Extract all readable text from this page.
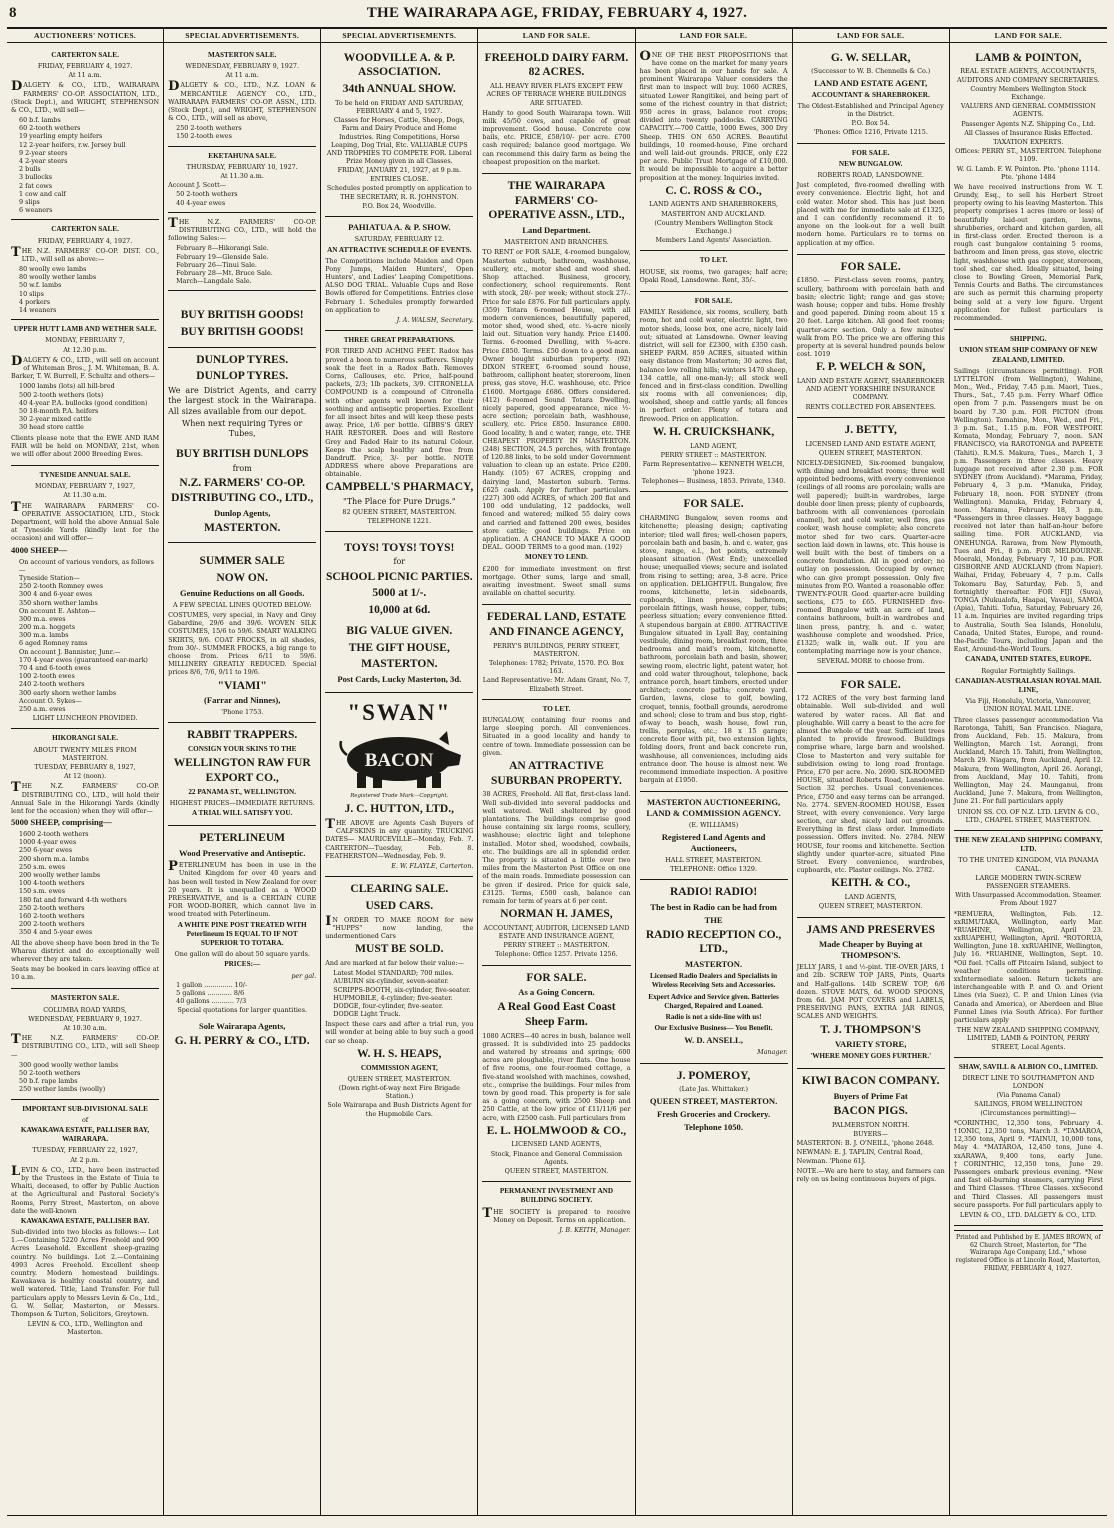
8	THE WAIRARAPA AGE, FRIDAY, FEBRUARY 4, 1927.
AUCTIONEERS' NOTICES.
CARTERTON SALE.
FRIDAY, FEBRUARY 4, 1927.
At 11 a.m.
DALGETY & CO., LTD., WAIRARAPA FARMERS' CO-OP. ASSOCIATION, LTD., (Stock Dept.), and WRIGHT, STEPHENSON & CO., LTD., will sell—
60 b.f. lambs
60 2-tooth wethers
19 yearling empty heifers
12 2-year heifers, r.w. Jersey bull
9 2-year steers
4 2-year steers
2 bulls
3 bullocks
2 fat cows
1 cow and calf
9 slips
6 weaners
CARTERTON SALE.
FRIDAY, FEBRUARY 4, 1927.
THE N.Z. FARMERS' CO-OP. DIST. CO., LTD., will sell as above:—
80 woolly ewe lambs
80 woolly wether lambs
50 w.f. lambs
10 slips
4 porkers
14 weaners
UPPER HUTT LAMB AND WETHER SALE.
MONDAY, FEBRUARY 7,
At 12.30 p.m.
DALGETY & CO., LTD., will sell on account of Whiteman Bros., J. M. Whiteman, B. A. Barker, T. W. Burrell, F. Schultz and others—
1000 lambs (lots) all hill-bred
500 2-tooth wethers (lots)
40 4-year P.A. bullocks (good condition)
50 18-month P.A. heifers
30 2-year mixed cattle
30 head store cattle
Clients please note that the EWE AND RAM FAIR will be held on MONDAY, 21st, when we will offer about 2000 Breeding Ewes.
TYNESIDE ANNUAL SALE.
MONDAY, FEBRUARY 7, 1927,
At 11.30 a.m.
THE WAIRARAPA FARMERS' CO-OPERATIVE ASSOCIATION, LTD., Stock Department, will hold the above Annual Sale at Tyneside Yards (kindly lent for the occasion) and will offer—
4000 SHEEP—
On account of various vendors, as follows—
Tyneside Station—
250 2-tooth Romney ewes
300 4 and 6-year ewes
350 shorn wether lambs
On account E. Ashton—
300 m.a. ewes
200 m.a. hoggets
300 m.a. lambs
6 aged Romney rams
On account J. Bannister, Junr.—
170 4-year ewes (guaranteed ear-mark)
70 4 and 6-tooth ewes
100 2-tooth ewes
240 2-tooth wethers
300 early shorn wether lambs
Account O. Sykes—
250 a.m. ewes
LIGHT LUNCHEON PROVIDED.
HIKORANGI SALE.
ABOUT TWENTY MILES FROM MASTERTON.
TUESDAY, FEBRUARY 8, 1927,
At 12 (noon).
THE N.Z. FARMERS' CO-OP. DISTRIBUTING CO., LTD., will hold their Annual Sale in the Hikorangi Yards (kindly lent for the occasion) when they will offer—
5000 SHEEP, comprising—
1600 2-tooth wethers
1000 4-year ewes
250 6-year ewes
200 shorn m.a. lambs
250 s.m. ewes
200 woolly wether lambs
100 4-tooth wethers
150 s.m. ewes
180 fat and forward 4-th wethers
250 2-tooth wethers
160 2-tooth wethers
200 2-tooth wethers
350 4 and 5-year ewes
All the above sheep have been bred in the Te Wharau district and do exceptionally well wherever they are taken.
Seats may be booked in cars leaving office at 10 a.m.
MASTERTON SALE.
COLUMBA ROAD YARDS,
WEDNESDAY, FEBRUARY 9, 1927.
At 10.30 a.m.
THE N.Z. FARMERS' CO-OP. DISTRIBUTING CO., LTD., will sell Sheep—
300 good woolly wether lambs
50 2-tooth wethers
50 b.f. rape lambs
250 wether lambs (woolly)
IMPORTANT SUB-DIVISIONAL SALE
of
KAWAKAWA ESTATE, PALLISER BAY, WAIRARAPA.
TUESDAY, FEBRUARY 22, 1927,
At 2 p.m.
LEVIN & CO., LTD., have been instructed by the Trustees in the Estate of Tiuia te Whaiti, deceased, to offer by Public Auction at the Agricultural and Pastoral Society's Rooms, Perry Street, Masterton, on above date the well-known
KAWAKAWA ESTATE, PALLISER BAY.
Sub-divided into two blocks as follows:— Lot 1.—Containing 5220 Acres Freehold and 900 Acres Leasehold. Excellent sheep-grazing country. No buildings. Lot 2.—Containing 4993 Acres Freehold. Excellent sheep country. Modern homestead buildings. Kawakawa is healthy coastal country, and well watered. Title, Land Transfer. For full particulars apply to Messrs Levin & Co., Ltd., G. W. Sellar, Masterton, or Messrs. Thompson & Turton, Solicitors, Greytown.
LEVIN & CO., LTD., Wellington and Masterton.
SPECIAL ADVERTISEMENTS.
MASTERTON SALE.
WEDNESDAY, FEBRUARY 9, 1927.
At 11 a.m.
DALGETY & CO., LTD., N.Z. LOAN & MERCANTILE AGENCY CO., LTD., WAIRARAPA FARMERS' CO-OP. ASSN., LTD. (Stock Dept.), and WRIGHT, STEPHENSON & CO., LTD., will sell as above,
250 2-tooth wethers
150 2-tooth ewes
EKETAHUNA SALE.
THURSDAY, FEBRUARY 10, 1927.
At 11.30 a.m.
Account J. Scott—
50 2-tooth wethers
40 4-year ewes
THE N.Z. FARMERS' CO-OP. DISTRIBUTING CO., LTD., will hold the following Sales:—
February 8—Hikorangi Sale.
February 19—Glenside Sale.
February 26—Tinui Sale.
February 28—Mt. Bruce Sale.
March—Langdale Sale.
BUY BRITISH GOODS!
BUY BRITISH GOODS!
DUNLOP TYRES.
DUNLOP TYRES.
We are District Agents, and carry the largest stock in the Wairarapa. All sizes available from our depot.
When next requiring Tyres or Tubes,
BUY BRITISH DUNLOPS
from
N.Z. FARMERS' CO-OP. DISTRIBUTING CO., LTD.,
Dunlop Agents,
MASTERTON.
SUMMER SALE
NOW ON.
Genuine Reductions on all Goods.
A FEW SPECIAL LINES QUOTED BELOW:
COSTUMES, very special, in Navy and Grey Gabardine, 29/6 and 39/6. WOVEN SILK COSTUMES, 15/6 to 59/6. SMART WALKING SKIRTS, 9/6. COAT FROCKS, in all shades, from 30/-. SUMMER FROCKS, a big range to choose from. Prices 6/11 to 59/6. MILLINERY GREATLY REDUCED. Special prices 8/6, 7/6, 9/11 to 19/6.
"VIAMI"
(Farrar and Ninnes),
'Phone 1753.
RABBIT TRAPPERS.
CONSIGN YOUR SKINS TO THE
WELLINGTON RAW FUR EXPORT CO.,
22 PANAMA ST., WELLINGTON.
HIGHEST PRICES—IMMEDIATE RETURNS.
A TRIAL WILL SATISFY YOU.
PETERLINEUM
Wood Preservative and Antiseptic.
PETERLINEUM has been in use in the United Kingdom for over 40 years and has been well tested in New Zealand for over 20 years. It is unequalled as a WOOD PRESERVATIVE, and is a CERTAIN CURE FOR WOOD-BORER, which cannot live in wood treated with Peterlineum.
A WHITE PINE POST TREATED WITH Peterlineum IS EQUAL TO IF NOT SUPERIOR TO TOTARA.
One gallon will do about 50 square yards.
PRICES:—
per gal.
1 gallon .............. 10/-
5 gallons ............ 8/6
40 gallons ........... 7/3
Special quotations for larger quantities.
Sole Wairarapa Agents,
G. H. PERRY & CO., LTD.
SPECIAL ADVERTISEMENTS.
WOODVILLE A. & P. ASSOCIATION.
34th ANNUAL SHOW.
To be held on FRIDAY AND SATURDAY, FEBRUARY 4 and 5, 1927.
Classes for Horses, Cattle, Sheep, Dogs, Farm and Dairy Produce and Home Industries. Ring Competitions, Horse Leaping, Dog Trial, Etc. VALUABLE CUPS AND TROPHIES TO COMPETE FOR. Liberal Prize Money given in all Classes.
FRIDAY, JANUARY 21, 1927, at 9 p.m. ENTRIES CLOSE.
Schedules posted promptly on application to
THE SECRETARY, R. R. JOHNSTON.
P.O. Box 24, Woodville.
PAHIATUA A. & P. SHOW.
SATURDAY, FEBRUARY 12.
AN ATTRACTIVE SCHEDULE OF EVENTS.
The Competitions include Maiden and Open Pony Jumps, Maiden Hunters', Open Hunters', and Ladies' Leaping Competitions. ALSO DOG TRIAL. Valuable Cups and Rose Bowls offered for Competitions. Entries close February 1. Schedules promptly forwarded on application to
J. A. WALSH, Secretary.
THREE GREAT PREPARATIONS.
FOR TIRED AND ACHING FEET. Radox has proved a boon to numerous sufferers. Simply soak the feet in a Radox Bath. Removes Corns, Callouses, etc. Price, half-pound packets, 2/3; 1lb packets, 3/9. CITRONELLA COMPOUND is a compound of Citronella with other agents well known for their soothing and antiseptic properties. Excellent for all insect bites and will keep these pests away. Price, 1/6 per bottle. GIBBS'S GREY HAIR RESTORER. Does and will Restore Grey and Faded Hair to its natural Colour. Keeps the scalp healthy and free from Dandruff. Price, 3/- per bottle. NOTE ADDRESS where above Preparations are obtainable.
CAMPBELL'S PHARMACY,
"The Place for Pure Drugs."
82 QUEEN STREET, MASTERTON. TELEPHONE 1221.
TOYS! TOYS! TOYS!
for
SCHOOL PICNIC PARTIES.
5000 at 1/-.
10,000 at 6d.
BIG VALUE GIVEN.
THE GIFT HOUSE,
MASTERTON.
Post Cards, Lucky Masterton, 3d.
"SWAN"
BACON
Registered Trade Mark—Copyright.
J. C. HUTTON, LTD.,
THE ABOVE are Agents Cash Buyers of CALFSKINS in any quantity. TRUCKING DATES— MAURICEVILLE—Monday, Feb. 7. CARTERTON—Tuesday, Feb. 8. FEATHERSTON—Wednesday, Feb. 9.
E. W. FLAYLE, Carterton.
CLEARING SALE.
USED CARS.
IN ORDER TO MAKE ROOM for new "HUPPS" now landing, the undermentioned Cars
MUST BE SOLD.
And are marked at far below their value:—
Latest Model STANDARD; 700 miles.
AUBURN six-cylinder, seven-seater.
SCRIPPS-BOOTH, six-cylinder, five-seater.
HUPMOBILE, 4-cylinder; five-seater.
DODGE, four-cylinder, five-seater.
DODGE Light Truck.
Inspect these cars and after a trial run, you will wonder at being able to buy such a good car so cheap.
W. H. S. HEAPS,
COMMISSION AGENT,
QUEEN STREET, MASTERTON.
(Down right-of-way next Fire Brigade Station.)
Sole Wairarapa and Bush Districts Agent for the Hupmobile Cars.
LAND FOR SALE.
FREEHOLD DAIRY FARM. 82 ACRES.
ALL HEAVY RIVER FLATS EXCEPT FEW ACRES OF TERRACE WHERE BUILDINGS ARE SITUATED.
Handy to good South Wairarapa town. Will milk 45/50 cows, and capable of great improvement. Good house. Concrete cow bails, etc. PRICE, £58/10/- per acre. £700 cash required; balance good mortgage. We can recommend this dairy farm as being the cheapest proposition on the market.
THE WAIRARAPA FARMERS' CO-OPERATIVE ASSN., LTD.,
Land Department.
MASTERTON AND BRANCHES.
TO RENT or FOR SALE, 4-roomed bungalow, Masterton suburb, bathroom, washhouse, scullery, etc., motor shed and wood shed. Shop attached. Business, grocery, confectionery, school requirements. Rent with stock, 28/- per week; without stock 27/-. Price for sale £876. For full particulars apply. (359) Totara 6-roomed House, with all modern conveniences, beautifully papered, motor shed, wood shed, etc. ¼-acre nicely laid out. Situation very handy. Price £1400. Terms. 6-roomed Dwelling, with ¼-acre. Price £850. Terms. £50 down to a good man. Owner bought suburban property. (92) DIXON STREET, 6-roomed sound house, bathroom, calliphont heater, storeroom, linen press, gas stove, H.C. washhouse, etc. Price £1600. Mortgage £686. Offers considered. (412) 6-roomed Sound Totara Dwelling, nicely papered, good appearance, nice ½-acre section; porcelain bath, washhouse, scullery, etc. Price £850. Insurance £800. Good locality, h and c water, range, etc. THE CHEAPEST PROPERTY IN MASTERTON. (248) SECTION, 24.5 perches, with frontage of 120.88 links, to be sold under Government valuation to clean up an estate. Price £200. Handy. (105) 67 ACRES, cropping and dairying land, Masterton suburb. Terms. £625 cash. Apply for further particulars. (227) 300 odd ACRES, of which 200 flat and 100 odd undulating, 12 paddocks, well fenced and watered; milked 55 dairy cows and carried and fattened 200 ewes, besides store cattle; good buildings. Price on application. A CHANCE TO MAKE A GOOD DEAL. GOOD TERMS to a good man. (192)
MONEY TO LEND.
£200 for immediate investment on first mortgage. Other sums, large and small, awaiting investment. Sweet small sums available on chattel security.
FEDERAL LAND, ESTATE AND FINANCE AGENCY,
PERRY'S BUILDINGS, PERRY STREET, MASTERTON.
Telephones: 1782; Private, 1570. P.O. Box 163.
Land Representative: Mr. Adam Grant, No. 7, Elizabeth Street.
TO LET.
BUNGALOW, containing four rooms and large sleeping porch. All conveniences. Situated in a good locality and handy to centre of town. Immediate possession can be given.
AN ATTRACTIVE SUBURBAN PROPERTY.
38 ACRES, Freehold. All flat, first-class land. Well sub-divided into several paddocks and well watered. Well sheltered by good plantations. The buildings comprise good house containing six large rooms, scullery, washhouse; electric light and telephone installed. Motor shed, woodshed, cowbails, etc. The buildings are all in splendid order. The property is situated a little over two miles from the Masterton Post Office on one of the main roads. Immediate possession can be given if desired. Price for quick sale, £3125. Terms, £500 cash, balance can remain for term of years at 6 per cent.
NORMAN H. JAMES,
ACCOUNTANT, AUDITOR, LICENSED LAND ESTATE AND INSURANCE AGENT,
PERRY STREET :: MASTERTON.
Telephone: Office 1257. Private 1256.
FOR SALE.
As a Going Concern.
A Real Good East Coast Sheep Farm.
1080 ACRES—40 acres in bush, balance well grassed. It is subdivided into 25 paddocks and watered by streams and springs; 600 acres are ploughable, river flats. One house of five rooms, one four-roomed cottage, a five-stand woolshed with machines, cowshed, etc., comprise the buildings. Four miles from town by good road. This property is for sale as a going concern, with 2500 Sheep and 250 Cattle, at the low price of £11/11/6 per acre, with £2500 cash. Full particulars from
E. L. HOLMWOOD & CO.,
LICENSED LAND AGENTS,
Stock, Finance and General Commission Agents.
QUEEN STREET, MASTERTON.
PERMANENT INVESTMENT AND BUILDING SOCIETY.
THE SOCIETY is prepared to receive Money on Deposit. Terms on application.
J. B. KEITH, Manager.
LAND FOR SALE.
ONE OF THE BEST PROPOSITIONS that have come on the market for many years has been placed in our hands for sale. A prominent Wairarapa Valuer considers the first man to inspect will buy. 1060 ACRES, situated Lower Rangitikei, and being part of some of the richest country in that district; 950 acres in grass, balance root crops; divided into twenty paddocks. CARRYING CAPACITY.—700 Cattle, 1000 Ewes, 300 Dry Sheep. THIS ON 650 ACRES. Beautiful buildings, 10 roomed-house, Fine orchard and well laid-out grounds. PRICE, only £22 per acre. Public Trust Mortgage of £10,000. It would be impossible to acquire a better proposition at the money. Inquiries invited.
C. C. ROSS & CO.,
LAND AGENTS AND SHAREBROKERS,
MASTERTON AND AUCKLAND.
(Country Members Wellington Stock Exchange.)
Members Land Agents' Association.
TO LET.
HOUSE, six rooms, two garages; half acre; Opaki Road, Lansdowne. Rent, 35/-.
FOR SALE.
FAMILY Residence, six rooms, scullery, bath room, hot and cold water, electric light, two motor sheds, loose box, one acre, nicely laid out; situated at Lansdowne. Owner leaving district, will sell for £2300, with £350 cash. SHEEP FARM. 859 ACRES, situated within easy distance from Masterton; 30 acres flat, balance low rolling hills; winters 1470 sheep, 134 cattle, all one-man-ly; all stock well fenced and in first-class condition. Dwelling six rooms with all conveniences; dip, woolshed, sheep and cattle yards; all fences in perfect order. Plenty of totara and firewood. Price on application.
W. H. CRUICKSHANK,
LAND AGENT,
PERRY STREET :: MASTERTON.
Farm Representative— KENNETH WELCH, 'phone 1923.
Telephones— Business, 1853. Private, 1340.
FOR SALE.
CHARMING Bungalow, seven rooms and kitchenette; pleasing design; captivating interior; tiled wall fires; well-chosen papers, porcelain bath and basin, h. and c. water, gas stove, range, e.l., hot points, extremely pleasant situation (West End); unexcelled house; unequalled views; secure and isolated from rising to setting; area, 3-8 acre. Price on application. DELIGHTFUL Bungalow, five rooms, kitchenette, let-in sideboards, cupboards, linen presses, bathroom, porcelain fittings, wash house, copper, tubs; peerless situation; every convenience fitted. A stupendous bargain at £800. ATTRACTIVE Bungalow situated in Lyall Bay, containing vestibule, dining room, breakfast room, three bedrooms and maid's room, kitchenette, bathroom, porcelain bath and basin, shower, sewing room, electric light, patent water, hot and cold water throughout, telephone, back entrance porch, heart timbers, erected under architect; concrete paths; concrete yard. Garden, lawns, close to golf, bowling, croquet, tennis, football grounds, aerodrome and school; close to tram and bus stop, right-of-way to beach, wash house, fowl run, trellis, pergolas, etc.; 18 x 15 garage; concrete floor with pit, two extension lights, folding doors, front and back concrete run, washhouse, all conveniences, including aids entrance door. The house is almost new. We recommend immediate inspection. A positive bargain at £1950.
MASTERTON AUCTIONEERING, LAND & COMMISSION AGENCY.
(E. WILLIAMS)
Registered Land Agents and Auctioneers,
HALL STREET, MASTERTON.
TELEPHONE: Office 1329.
RADIO! RADIO!
The best in Radio can be had from
THE
RADIO RECEPTION CO., LTD.,
MASTERTON.
Licensed Radio Dealers and Specialists in Wireless Receiving Sets and Accessories.
Expert Advice and Service given. Batteries Charged, Repaired and Loaned.
Radio is not a side-line with us!
Our Exclusive Business— You Benefit.
W. D. ANSELL,
Manager.
J. POMEROY,
(Late Jas. Whittaker.)
QUEEN STREET, MASTERTON.
Fresh Groceries and Crockery.
Telephone 1050.
LAND FOR SALE.
G. W. SELLAR,
(Successor to W. B. Chennells & Co.)
LAND AND ESTATE AGENT,
ACCOUNTANT & SHAREBROKER.
The Oldest-Established and Principal Agency in the District.
P.O. Box 54.
'Phones: Office 1216, Private 1215.
FOR SALE.
NEW BUNGALOW.
ROBERTS ROAD, LANSDOWNE.
Just completed, five-roomed dwelling with every convenience. Electric light, hot and cold water. Motor shed. This has just been placed with me for immediate sale at £1325, and I can confidently recommend it to anyone on the look-out for a well built modern home. Particulars re to terms on application at my office.
FOR SALE.
£1850. — First-class seven rooms, pantry, scullery, bathroom with porcelain bath and basin; electric light; range and gas stove; wash house; copper and tubs. Home freshly and good papered. Dining room about 15 x 20 feet. Large kitchen. All good feet rooms; quarter-acre section. Only a few minutes' walk from P.O. The price we are offering this property at is several hundred pounds below cost. 1019
F. P. WELCH & SON,
LAND AND ESTATE AGENT, SHAREBROKER AND AGENT YORKSHIRE INSURANCE COMPANY.
RENTS COLLECTED FOR ABSENTEES.
J. BETTY,
LICENSED LAND AND ESTATE AGENT,
QUEEN STREET, MASTERTON.
NICELY-DESIGNED, Six-roomed bungalow, with dining and breakfast rooms; three well appointed bedrooms, with every convenience (ceilings of all rooms are porcelain; walls are well papered); built-in wardrobes, large double door linen press; plenty of cupboards, bathroom with all conveniences (porcelain enamel), hot and cold water, well fires, gas cooker, wash house complete; also concrete motor shed for two cars. Quarter-acre section laid down in lawns, etc. This house is well built with the best of timbers on a concrete foundation. All in good order; no outlay on possession. Occupied by owner, who can give prompt possession. Only five minutes from P.O. Wanted a reasonable offer. TWENTY-FOUR Good quarter-acre building sections, £75 to £65. FURNISHED five-roomed Bungalow with an acre of land, contains bathroom, built-in wardrobes and linen press, pantry, h. and c. water, washhouse complete and woodshed. Price, £1325; walk in, walk out. If you are contemplating marriage now is your chance.
SEVERAL MORE to choose from.
FOR SALE.
172 ACRES of the very best farming land obtainable. Well sub-divided and well watered by water races. All flat and ploughable. Will carry a beast to the acre for almost the whole of the year. Sufficient trees planted to provide firewood. Buildings comprise whare, large barn and woolshed. Close to Masterton and very suitable for subdivision owing to long road frontage. Price, £70 per acre. No. 2690. SIX-ROOMED HOUSE, situated Roberts Road, Lansdowne. Section 32 perches. Usual conveniences. Price, £750 and easy terms can be arranged. No. 2774. SEVEN-ROOMED HOUSE, Essex Street, with every convenience. Very large section, car shed, nicely laid out grounds. Everything in first class order. Immediate possession. Offers invited. No. 2784. NEW HOUSE, four rooms and kitchenette. Section slightly under quarter-acre, situated Pine Street. Every convenience, wardrobes, cupboards, etc. Plaster ceilings. No. 2782.
KEITH. & CO.,
LAND AGENTS,
QUEEN STREET, MASTERTON.
JAMS AND PRESERVES
Made Cheaper by Buying at THOMPSON'S.
JELLY JARS, 1 and ½-pint. TIE-OVER JARS, 1 and 2lb. SCREW TOP JARS, Pints, Quarts and Half-gallons. 14lb SCREW TOP, 6/6 dozen. STOVE MATS, 6d. WOOD SPOONS, from 6d. JAM POT COVERS and LABELS, PRESERVING PANS, EXTRA JAR RINGS, SCALES AND WEIGHTS.
T. J. THOMPSON'S
VARIETY STORE,
'WHERE MONEY GOES FURTHER.'
KIWI BACON COMPANY.
Buyers of Prime Fat
BACON PIGS.
PALMERSTON NORTH.
BUYERS—
MASTERTON: B. J. O'NEILL, 'phone 2648.
NEWMAN: E. J. TAPLIN, Central Road, Newman. 'Phone 61J.
NOTE.—We are here to stay, and farmers can rely on us being continuous buyers of pigs.
LAND FOR SALE.
LAMB & POINTON,
REAL ESTATE AGENTS, ACCOUNTANTS, AUDITORS AND COMPANY SECRETARIES.
Country Members Wellington Stock Exchange.
VALUERS AND GENERAL COMMISSION AGENTS.
Passenger Agents N.Z. Shipping Co., Ltd.
All Classes of Insurance Risks Effected.
TAXATION EXPERTS.
Offices: PERRY ST., MASTERTON. Telephone 1109.
W. G. Lamb. F. W. Pointon. Pte. 'phone 1114. Pte. 'phone 1484
We have received instructions from W. T. Grundy, Esq., to sell his Herbert Street property owing to his leaving Masterton. This property comprises 1 acres (more or less) of beautifully laid-out garden, lawns, shrubberies, orchard and kitchen garden, all in first-class order. Erected thereon is a rough cast bungalow containing 5 rooms, bathroom and linen press, gas stove, electric light, washhouse with gas copper, storeroom, tool shed, car shed. Ideally situated, being close to Bowling Green, Memorial Park, Tennis Courts and Baths. The circumstances are such as permit this charming property being sold at a very low figure. Urgent application for fullest particulars is recommended.
SHIPPING.
UNION STEAM SHIP COMPANY OF NEW ZEALAND, LIMITED.
Sailings (circumstances permitting). FOR LYTTELTON (from Wellington), Wahine, Mon., Wed., Friday, 7.45 p.m. Maori, Tues., Thurs., Sat., 7.45 p.m. Ferry Wharf Office open from 7 p.m. Passengers must be on board by 7.30 p.m. FOR PICTON (from Wellington). Tamahine, Mon., Wed., and Fri., 3 p.m. Sat., 1.15 p.m. FOR WESTPORT. Komata, Monday, February 7, noon. SAN FRANCISCO, via RAROTONGA and PAPEETE (Tahiti). R.M.S. Makura, Tues., March 1, 3 p.m. Passengers in three classes. Heavy luggage not received after 2.30 p.m. FOR SYDNEY (from Auckland). *Marama, Friday, February 4, 3 p.m. *Manuka, Friday, February 18, noon. FOR SYDNEY (from Wellington). Manuka, Friday, February 4, noon. Marama, February 18, 3 p.m. *Passengers in three classes. Heavy baggage received not later than half-an-hour before sailing time. FOR AUCKLAND, via ONEHUNGA. Rarawa, from New Plymouth, Tues and Fri., 8 p.m. FOR MELBOURNE. Moeraki, Monday, February 7, 10 p.m. FOR GISBORNE AND AUCKLAND (from Napier). Waihai, Friday, February 4, 7 p.m. Calls Tokomaru Bay, Saturday, Feb. 5, and fortnightly thereafter. FOR FIJI (Suva), TONGA (Nukualofa, Haapai, Vavau), SAMOA (Apia), Tahiti. Tofua, Saturday, February 26, 11 a.m. Inquiries are invited regarding trips to Australia, South Sea Islands, Honolulu, Canada, United States, Europe, and round-the-Pacific Tours, including Japan and the East, Around-the-World Tours.
CANADA, UNITED STATES, EUROPE.
Regular Fortnightly Sailings.
CANADIAN-AUSTRALASIAN ROYAL MAIL LINE,
Via Fiji, Honolulu, Victoria, Vancouver, UNION ROYAL MAIL LINE.
Three classes passenger accommodation Via Rarotonga, Tahiti, San Francisco. Niagara, from Auckland, Feb. 15. Makura, from Wellington, March 1st. Aorangi, from Auckland, March 15. Tahiti, from Wellington, March 29. Niagara, from Auckland, April 12. Makura, from Wellington, April 26. Aorangi, from Auckland, May 10. Tahiti, from Wellington, May 24. Maunganui, from Auckland, June 7. Makura, from Wellington, June 21. For full particulars apply
UNION SS. CO. OF N.Z. LTD. LEVIN & CO., LTD., CHAPEL STREET, MASTERTON.
THE NEW ZEALAND SHIPPING COMPANY, LTD.
TO THE UNITED KINGDOM, VIA PANAMA CANAL.
LARGE MODERN TWIN-SCREW PASSENGER STEAMERS.
With Unsurpassed Accommodation. Steamer. From About 1927
*REMUERA, Wellington, Feb. 12. xxRIMUTAKA, Wellington, early Mar. *RUAHINE, Wellington, April 23. xxRUAPEHU, Wellington, April. *ROTORUA, Wellington, June 18. xxRUAHINE, Wellington, July 16. *RUAHINE, Wellington, Sept. 10. *Oil fuel. †Calls off Pitcairn Island, subject to weather conditions permitting. xxIntermediate saloon. Return tickets are interchangeable with P. and O. and Orient Lines (via Suez), C. P. and Union Lines (via Canada and America), or Aberdeen and Blue Funnel Lines (via South Africa). For further particulars apply
THE NEW ZEALAND SHIPPING COMPANY, LIMITED, LAMB & POINTON, PERRY STREET, Local Agents.
SHAW, SAVILL & ALBION CO., LIMITED.
DIRECT LINE TO SOUTHAMPTON AND LONDON
(Via Panama Canal)
SAILINGS, FROM WELLINGTON (Circumstances permitting)—
*CORINTHIC, 12,350 tons, February 4. †IONIC, 12,350 tons, March 3. *TAMAROA, 12,350 tons, April 9. *TAINUI, 10,000 tons, May 4. *MATAROA, 12,450 tons, June 4. xxARAWA, 9,400 tons, early June. †CORINTHIC, 12,350 tons, June 29. Passengers embark previous evening. *New and fast oil-burning steamers, carrying First and Third Classes. †Three Classes. xxSecond and Third Classes. All passengers must secure passports. For full particulars apply to
LEVIN & CO., LTD. DALGETY & CO., LTD.
Printed and Published by E. JAMES BROWN, of 62 Church Street, Masterton, for "The Wairarapa Age Company, Ltd.," whose registered Office is at Lincoln Road, Masterton, FRIDAY, FEBRUARY 4, 1927.
